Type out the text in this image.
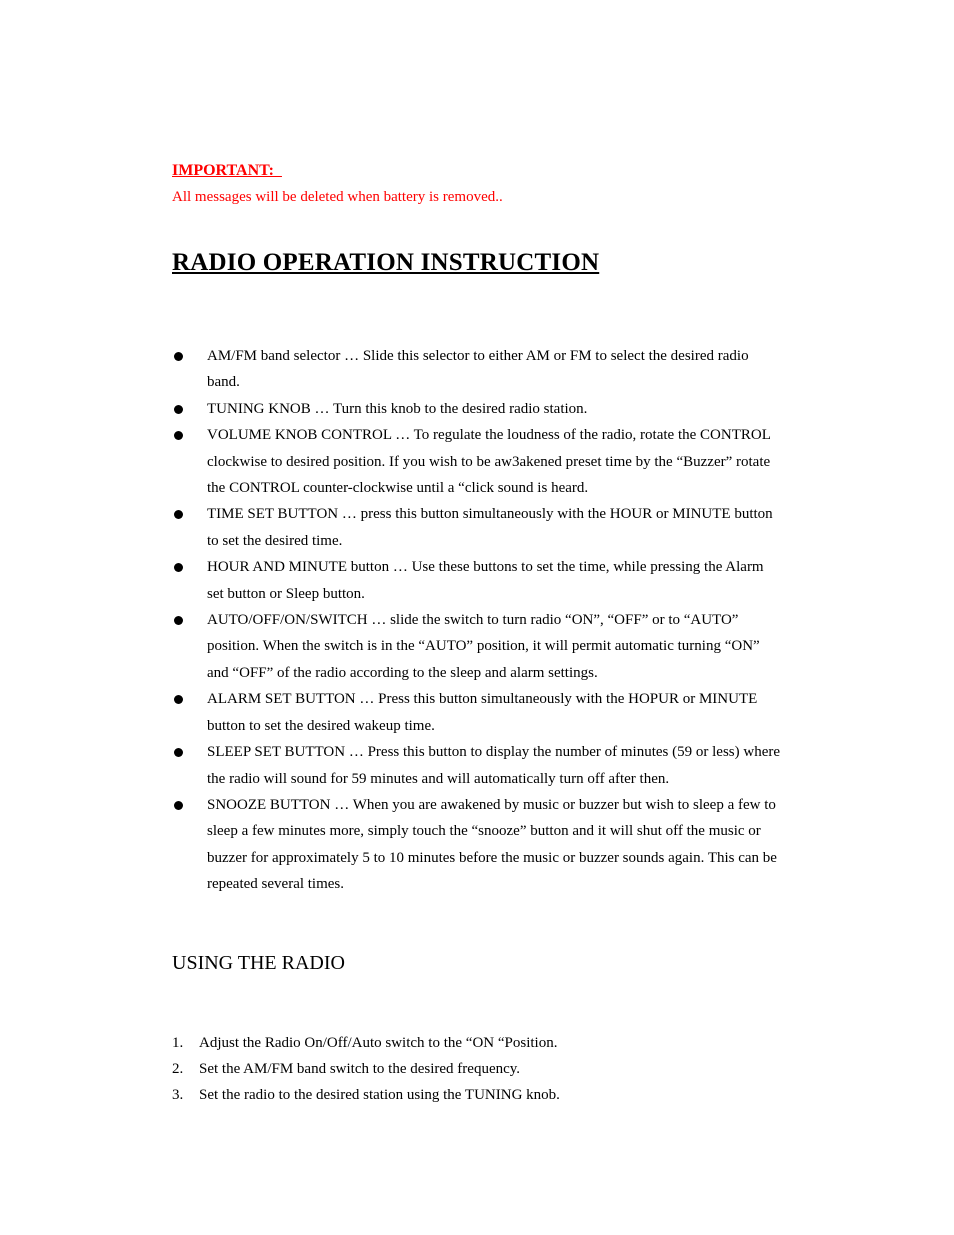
IMPORTANT:
All messages will be deleted when battery is removed..
RADIO OPERATION INSTRUCTION
AM/FM band selector … Slide this selector to either AM or FM to select the desired radio band.
TUNING KNOB … Turn this knob to the desired radio station.
VOLUME KNOB CONTROL … To regulate the loudness of the radio, rotate the CONTROL clockwise to desired position. If you wish to be aw3akened preset time by the “Buzzer” rotate the CONTROL counter-clockwise until a “click sound is heard.
TIME SET BUTTON … press this button simultaneously with the HOUR or MINUTE button to set the desired time.
HOUR AND MINUTE button … Use these buttons to set the time, while pressing the Alarm set button or Sleep button.
AUTO/OFF/ON/SWITCH … slide the switch to turn radio “ON”, “OFF” or to “AUTO” position. When the switch is in the “AUTO” position, it will permit automatic turning “ON” and “OFF” of the radio according to the sleep and alarm settings.
ALARM SET BUTTON … Press this button simultaneously with the HOPUR or MINUTE button to set the desired wakeup time.
SLEEP SET BUTTON … Press this button to display the number of minutes (59 or less) where the radio will sound for 59 minutes and will automatically turn off after then.
SNOOZE BUTTON … When you are awakened by music or buzzer but wish to sleep a few to sleep a few minutes more, simply touch the “snooze” button and it will shut off the music or buzzer for approximately 5 to 10 minutes before the music or buzzer sounds again. This can be repeated several times.
USING THE RADIO
1. Adjust the Radio On/Off/Auto switch to the “ON “Position.
2. Set the AM/FM band switch to the desired frequency.
3. Set the radio to the desired station using the TUNING knob.
